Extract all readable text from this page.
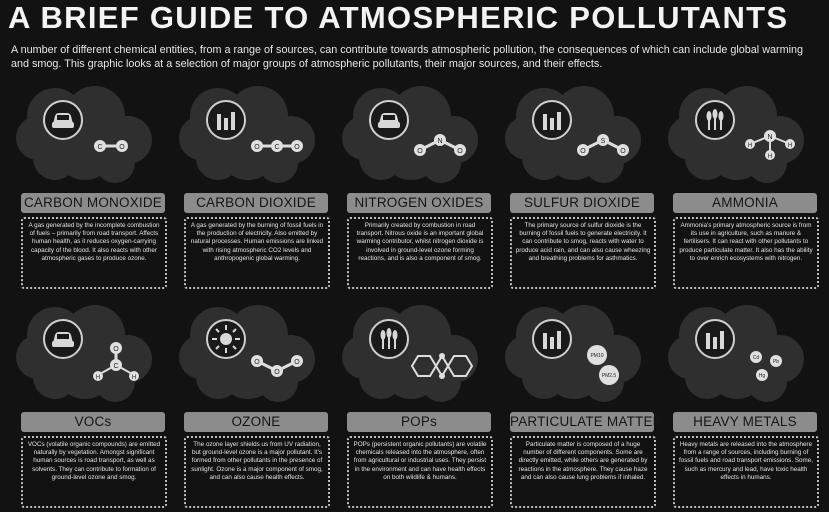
A BRIEF GUIDE TO ATMOSPHERIC POLLUTANTS
A number of different chemical entities, from a range of sources, can contribute towards atmospheric pollution, the consequences of which can include global warming and smog. This graphic looks at a selection of major groups of atmospheric pollutants, their major sources, and their effects.
C O
CARBON MONOXIDE
A gas generated by the incomplete combustion of fuels – primarily from road transport. Affects human health, as it reduces oxygen-carrying capacity of the blood. It also reacts with other atmospheric gases to produce ozone.
O C O
CARBON DIOXIDE
A gas generated by the burning of fossil fuels in the production of electricity. Also emitted by natural processes. Human emissions are linked with rising atmospheric CO2 levels and anthropogenic global warming.
O
N
O
NITROGEN OXIDES
Primarily created by combustion in road transport. Nitrous oxide is an important global warming contributor, whilst nitrogen dioxide is involved in ground-level ozone forming reactions, and is also a component of smog.
O
S
O
SULFUR DIOXIDE
The primary source of sulfur dioxide is the burning of fossil fuels to generate electricity. It can contribute to smog, reacts with water to produce acid rain, and can also cause wheezing and breathing problems for asthmatics.
N
H	H
H
AMMONIA
Ammonia's primary atmospheric source is from its use in agriculture, such as manure & fertilisers. It can react with other pollutants to produce particulate matter. It also has the ability to over enrich ecosystems with nitrogen.
O
C
H	H
VOCs
VOCs (volatile organic compounds) are emitted naturally by vegetation. Amongst significant human sources is road transport, as well as solvents. They can contribute to formation of ground-level ozone and smog.
O
O
O
OZONE
The ozone layer shields us from UV radiation, but ground-level ozone is a major pollutant. It's formed from other pollutants in the presence of sunlight. Ozone is a major component of smog, and can also cause health effects.
POPs
POPs (persistent organic pollutants) are volatile chemicals released into the atmosphere, often from agricultural or industrial uses. They persist in the environment and can have health effects on both wildlife & humans.
PM10
PM2.5
PARTICULATE MATTER
Particulate matter is composed of a huge number of different components. Some are directly emitted, while others are generated by reactions in the atmosphere. They cause haze and can also cause lung problems if inhaled.
Cd
Pb
Hg
HEAVY METALS
Heavy metals are released into the atmosphere from a range of sources, including burning of fossil fuels and road transport emissions. Some, such as mercury and lead, have toxic health effects in humans.
